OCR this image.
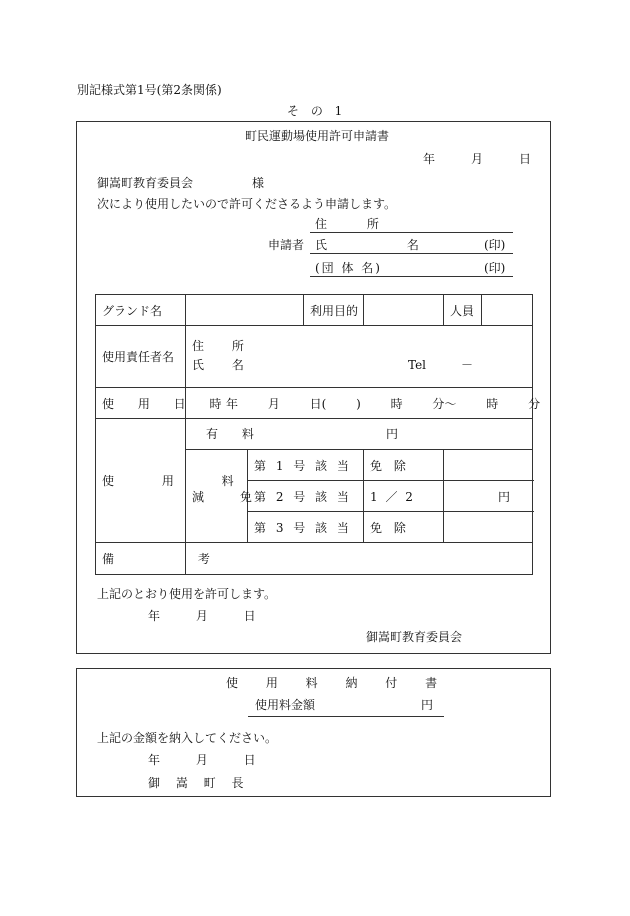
別記様式第1号(第2条関係)
そ の 1
町民運動場使用許可申請書
年	月	日
御嵩町教育委員会	様
次により使用したいので許可くださるよう申請します。
住 所
申請者 氏 名 (印)
(団 体 名)	(印)
グランド名			利用目的		人員	
使用責任者名	住 所
氏 名 Tel －					

使 用 日 時	年 月 日( ) 時 分～ 時 分					
使 用 料	有 料 円					

	減 免	第 1 号 該 当		免 除		
		第 2 号 該 当		1 ／ 2	円	
		第 3 号 該 当		免 除		
備 考						
上記のとおり使用を許可します。
年 月 日
御嵩町教育委員会
使 用 料 納 付 書
使用料金額	円
上記の金額を納入してください。
年 月 日
御 嵩 町 長
